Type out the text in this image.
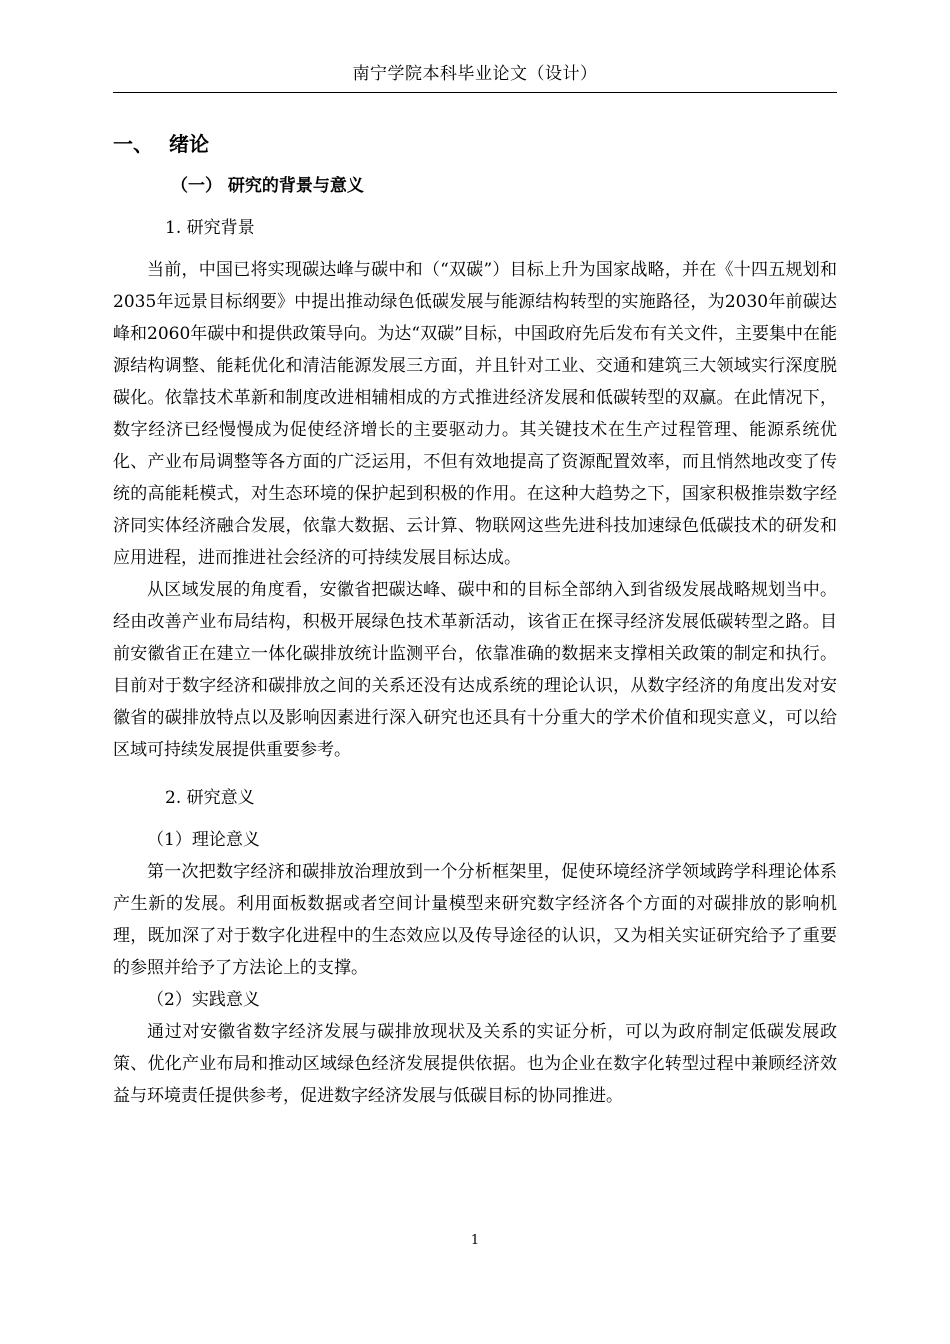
南宁学院本科毕业论文（设计）
一、 绪论
（一） 研究的背景与意义
1. 研究背景

当前，中国已将实现碳达峰与碳中和（“双碳”）目标上升为国家战略，并在《十四五规划和2035年远景目标纲要》中提出推动绿色低碳发展与能源结构转型的实施路径，为2030年前碳达峰和2060年碳中和提供政策导向。为达“双碳”目标，中国政府先后发布有关文件，主要集中在能源结构调整、能耗优化和清洁能源发展三方面，并且针对工业、交通和建筑三大领域实行深度脱碳化。依靠技术革新和制度改进相辅相成的方式推进经济发展和低碳转型的双赢。在此情况下，数字经济已经慢慢成为促使经济增长的主要驱动力。其关键技术在生产过程管理、能源系统优化、产业布局调整等各方面的广泛运用，不但有效地提高了资源配置效率，而且悄然地改变了传统的高能耗模式，对生态环境的保护起到积极的作用。在这种大趋势之下，国家积极推崇数字经济同实体经济融合发展，依靠大数据、云计算、物联网这些先进科技加速绿色低碳技术的研发和应用进程，进而推进社会经济的可持续发展目标达成。

从区域发展的角度看，安徽省把碳达峰、碳中和的目标全部纳入到省级发展战略规划当中。经由改善产业布局结构，积极开展绿色技术革新活动，该省正在探寻经济发展低碳转型之路。目前安徽省正在建立一体化碳排放统计监测平台，依靠准确的数据来支撑相关政策的制定和执行。目前对于数字经济和碳排放之间的关系还没有达成系统的理论认识，从数字经济的角度出发对安徽省的碳排放特点以及影响因素进行深入研究也还具有十分重大的学术价值和现实意义，可以给区域可持续发展提供重要参考。

2. 研究意义
（1）理论意义

第一次把数字经济和碳排放治理放到一个分析框架里，促使环境经济学领域跨学科理论体系产生新的发展。利用面板数据或者空间计量模型来研究数字经济各个方面的对碳排放的影响机理，既加深了对于数字化进程中的生态效应以及传导途径的认识，又为相关实证研究给予了重要的参照并给予了方法论上的支撑。

（2）实践意义

通过对安徽省数字经济发展与碳排放现状及关系的实证分析，可以为政府制定低碳发展政策、优化产业布局和推动区域绿色经济发展提供依据。也为企业在数字化转型过程中兼顾经济效益与环境责任提供参考，促进数字经济发展与低碳目标的协同推进。

1
